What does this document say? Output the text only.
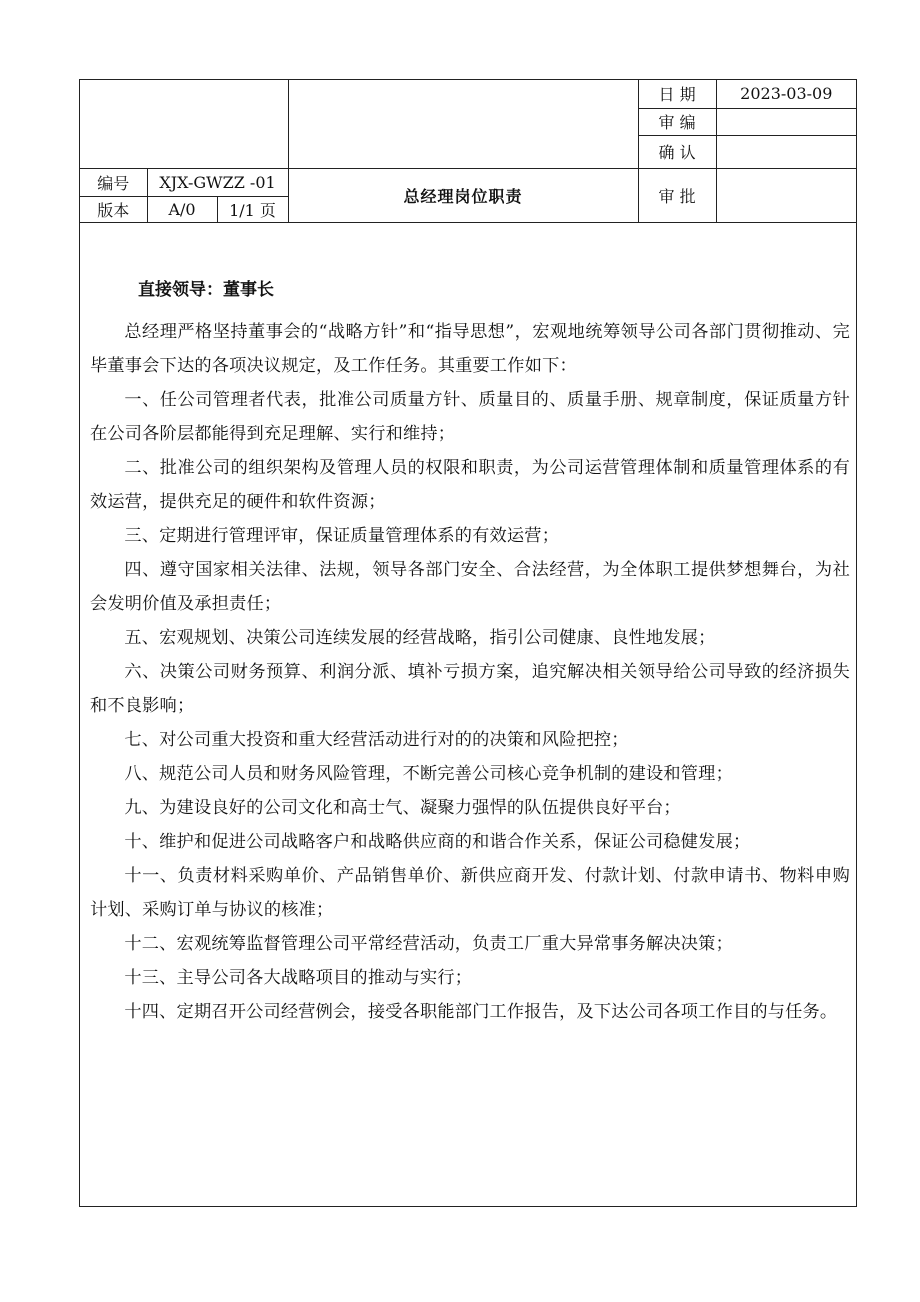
				日 期	2023-03-09
				审 编	
				确 认	
编号	XJX-GWZZ -01		总经理岗位职责	审 批	
版本	A/0	1/1 页			
直接领导：董事长

总经理严格坚持董事会的“战略方针”和“指导思想”，宏观地统筹领导公司各部门贯彻推动、完毕董事会下达的各项决议规定，及工作任务。其重要工作如下：

一、任公司管理者代表，批准公司质量方针、质量目的、质量手册、规章制度，保证质量方针在公司各阶层都能得到充足理解、实行和维持；

二、批准公司的组织架构及管理人员的权限和职责，为公司运营管理体制和质量管理体系的有效运营，提供充足的硬件和软件资源；

三、定期进行管理评审，保证质量管理体系的有效运营；

四、遵守国家相关法律、法规，领导各部门安全、合法经营，为全体职工提供梦想舞台，为社会发明价值及承担责任；

五、宏观规划、决策公司连续发展的经营战略，指引公司健康、良性地发展；

六、决策公司财务预算、利润分派、填补亏损方案，追究解决相关领导给公司导致的经济损失和不良影响；

七、对公司重大投资和重大经营活动进行对的的决策和风险把控；

八、规范公司人员和财务风险管理，不断完善公司核心竞争机制的建设和管理；

九、为建设良好的公司文化和高士气、凝聚力强悍的队伍提供良好平台；

十、维护和促进公司战略客户和战略供应商的和谐合作关系，保证公司稳健发展；

十一、负责材料采购单价、产品销售单价、新供应商开发、付款计划、付款申请书、物料申购计划、采购订单与协议的核准；

十二、宏观统筹监督管理公司平常经营活动，负责工厂重大异常事务解决决策；

十三、主导公司各大战略项目的推动与实行；

十四、定期召开公司经营例会，接受各职能部门工作报告，及下达公司各项工作目的与任务。
